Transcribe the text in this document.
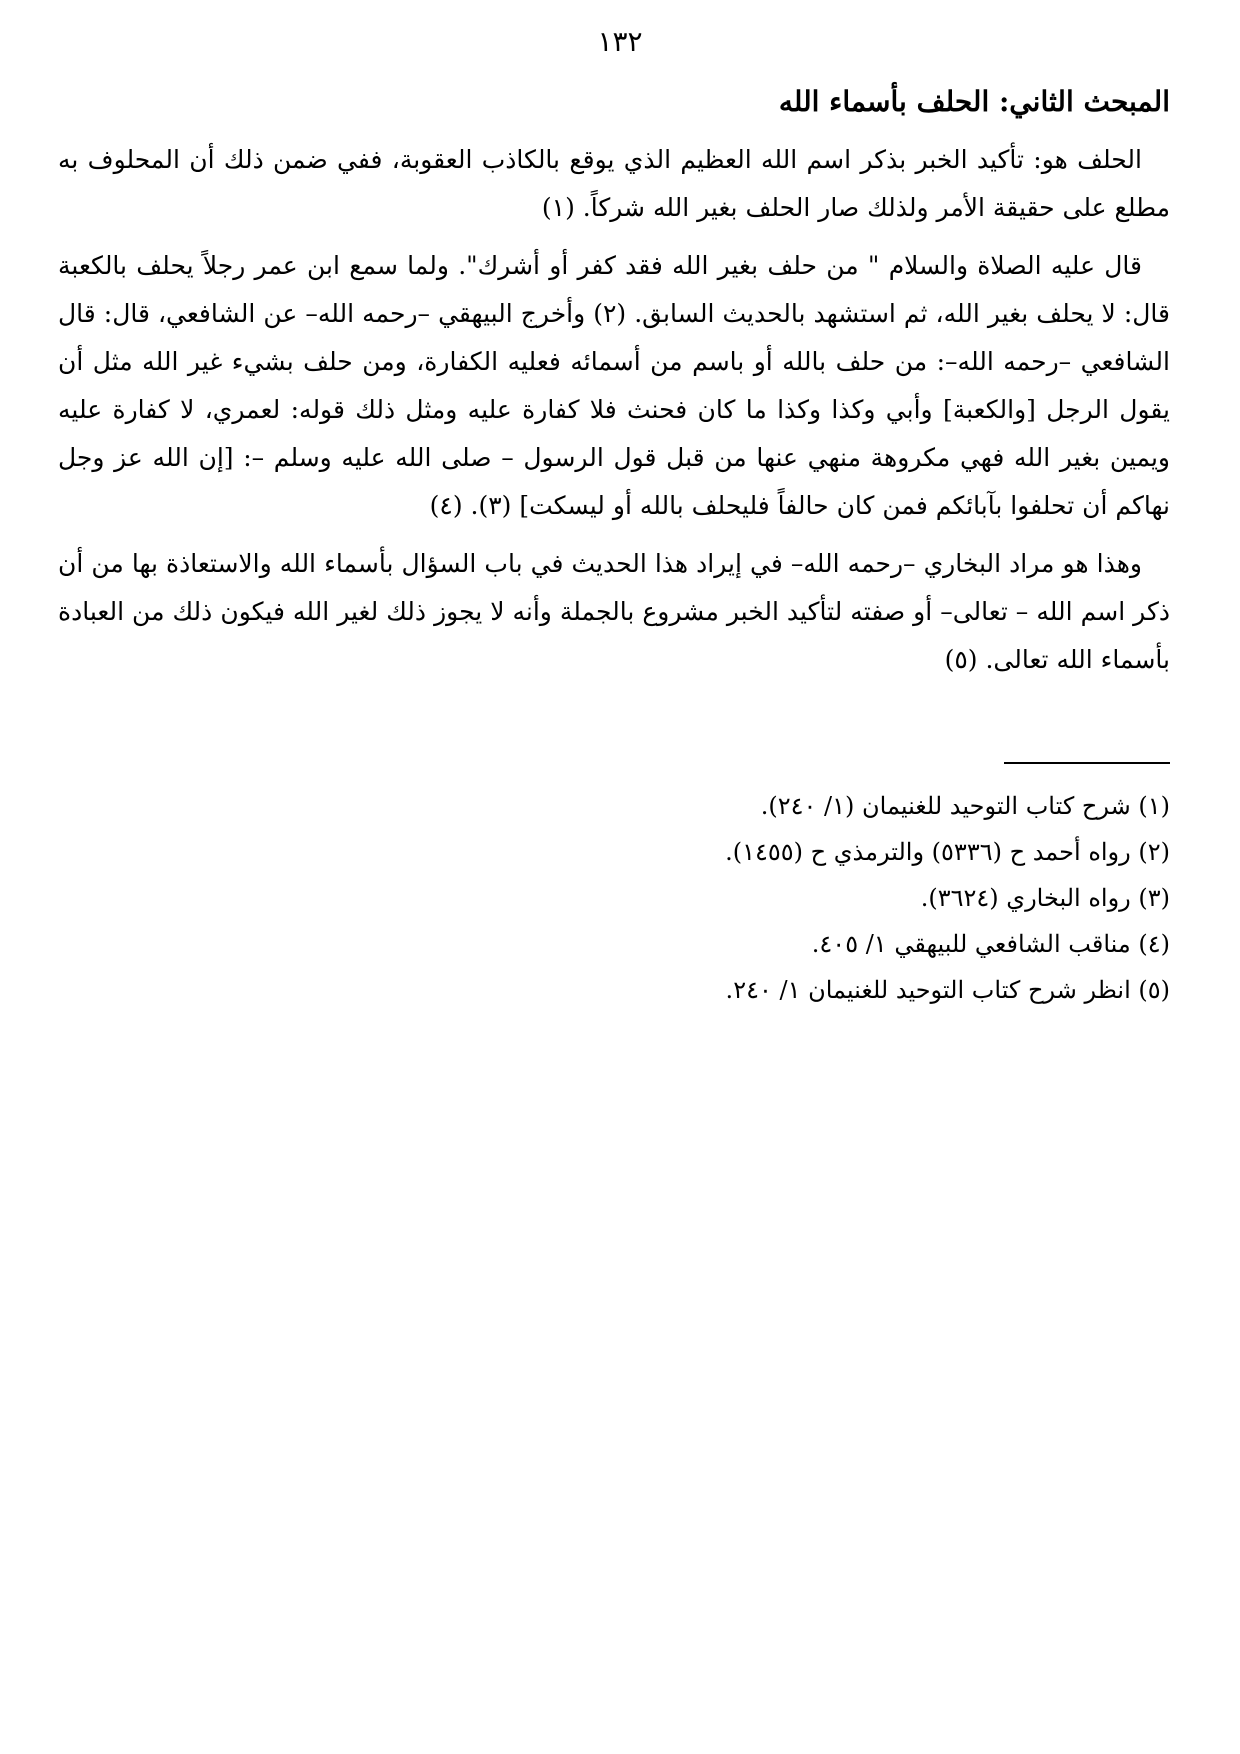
١٣٢
المبحث الثاني: الحلف بأسماء الله

الحلف هو: تأكيد الخبر بذكر اسم الله العظيم الذي يوقع بالكاذب العقوبة، ففي ضمن ذلك أن المحلوف به مطلع على حقيقة الأمر ولذلك صار الحلف بغير الله شركاً. (١)

قال عليه الصلاة والسلام " من حلف بغير الله فقد كفر أو أشرك". ولما سمع ابن عمر رجلاً يحلف بالكعبة قال: لا يحلف بغير الله، ثم استشهد بالحديث السابق. (٢) وأخرج البيهقي –رحمه الله– عن الشافعي، قال: قال الشافعي –رحمه الله–: من حلف بالله أو باسم من أسمائه فعليه الكفارة، ومن حلف بشيء غير الله مثل أن يقول الرجل [والكعبة] وأبي وكذا وكذا ما كان فحنث فلا كفارة عليه ومثل ذلك قوله: لعمري، لا كفارة عليه ويمين بغير الله فهي مكروهة منهي عنها من قبل قول الرسول – صلى الله عليه وسلم –: [إن الله عز وجل نهاكم أن تحلفوا بآبائكم فمن كان حالفاً فليحلف بالله أو ليسكت] (٣). (٤)

وهذا هو مراد البخاري –رحمه الله– في إيراد هذا الحديث في باب السؤال بأسماء الله والاستعاذة بها من أن ذكر اسم الله – تعالى– أو صفته لتأكيد الخبر مشروع بالجملة وأنه لا يجوز ذلك لغير الله فيكون ذلك من العبادة بأسماء الله تعالى. (٥)

(١) شرح كتاب التوحيد للغنيمان (١/ ٢٤٠).
(٢) رواه أحمد ح (٥٣٣٦) والترمذي ح (١٤٥٥).
(٣) رواه البخاري (٣٦٢٤).
(٤) مناقب الشافعي للبيهقي ١/ ٤٠٥.
(٥) انظر شرح كتاب التوحيد للغنيمان ١/ ٢٤٠.
